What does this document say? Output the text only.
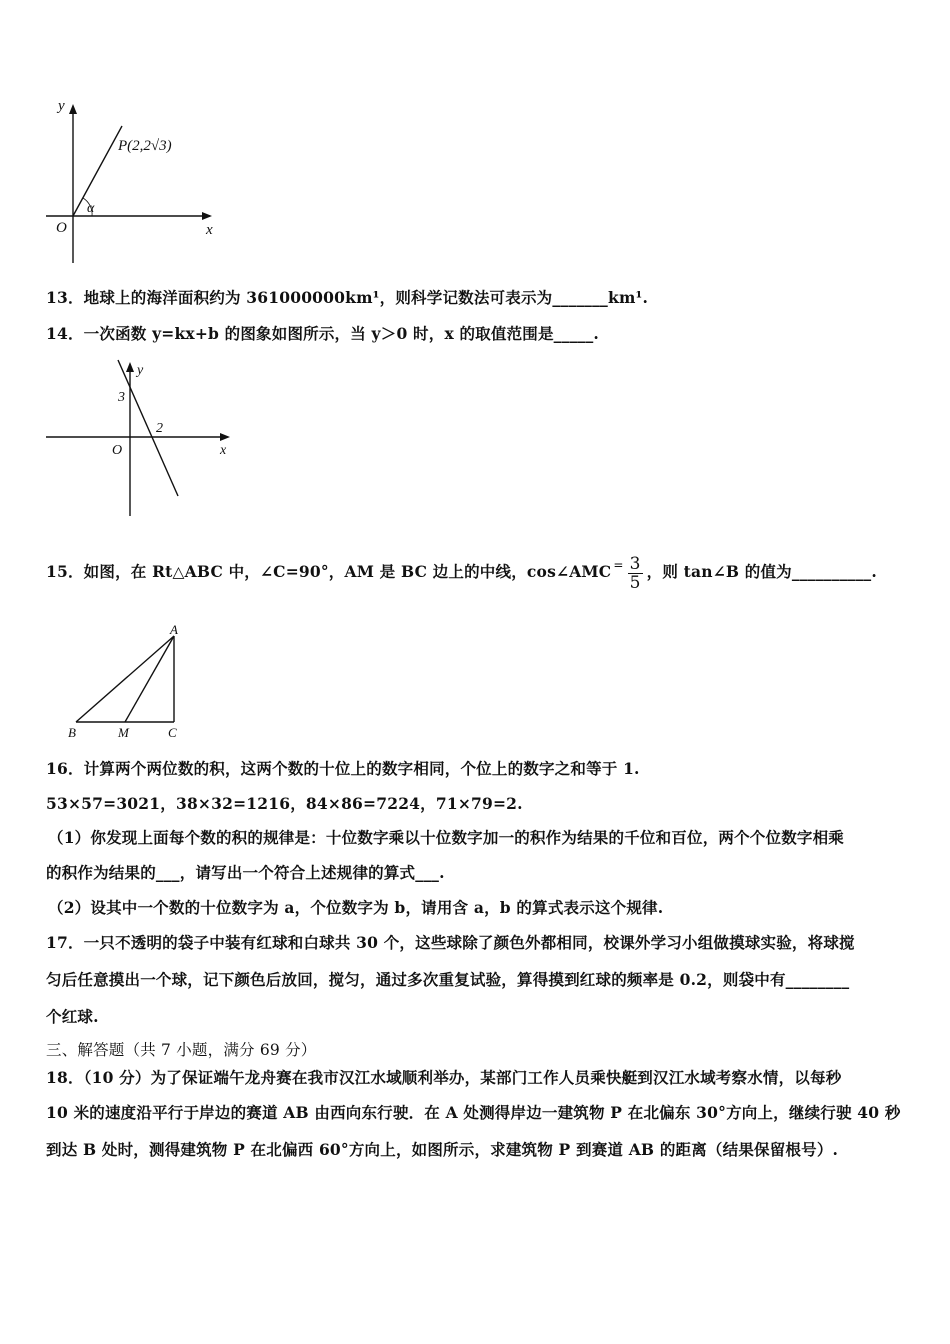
y
x
O
P(2,2√3)
α
13．地球上的海洋面积约为 361000000km¹，则科学记数法可表示为_______km¹.
14．一次函数 y=kx+b 的图象如图所示，当 y＞0 时，x 的取值范围是_____.
y
x
O
3
2
15．如图，在 Rt△ABC 中，∠C=90°，AM 是 BC 边上的中线，cos∠AMC = $\frac{3}{5}$ ，则 tan∠B 的值为__________.
A
B	M	C
16．计算两个两位数的积，这两个数的十位上的数字相同，个位上的数字之和等于 1.
53×57=3021，38×32=1216，84×86=7224，71×79=2.
（1）你发现上面每个数的积的规律是：十位数字乘以十位数字加一的积作为结果的千位和百位，两个个位数字相乘
的积作为结果的___，请写出一个符合上述规律的算式___.
（2）设其中一个数的十位数字为 a，个位数字为 b，请用含 a，b 的算式表示这个规律.
17．一只不透明的袋子中装有红球和白球共 30 个，这些球除了颜色外都相同，校课外学习小组做摸球实验，将球搅
匀后任意摸出一个球，记下颜色后放回，搅匀，通过多次重复试验，算得摸到红球的频率是 0.2，则袋中有________
个红球.
三、解答题（共 7 小题，满分 69 分）
18．（10 分）为了保证端午龙舟赛在我市汉江水域顺利举办，某部门工作人员乘快艇到汉江水域考察水情，以每秒
10 米的速度沿平行于岸边的赛道 AB 由西向东行驶．在 A 处测得岸边一建筑物 P 在北偏东 30°方向上，继续行驶 40 秒
到达 B 处时，测得建筑物 P 在北偏西 60°方向上，如图所示，求建筑物 P 到赛道 AB 的距离（结果保留根号）.
